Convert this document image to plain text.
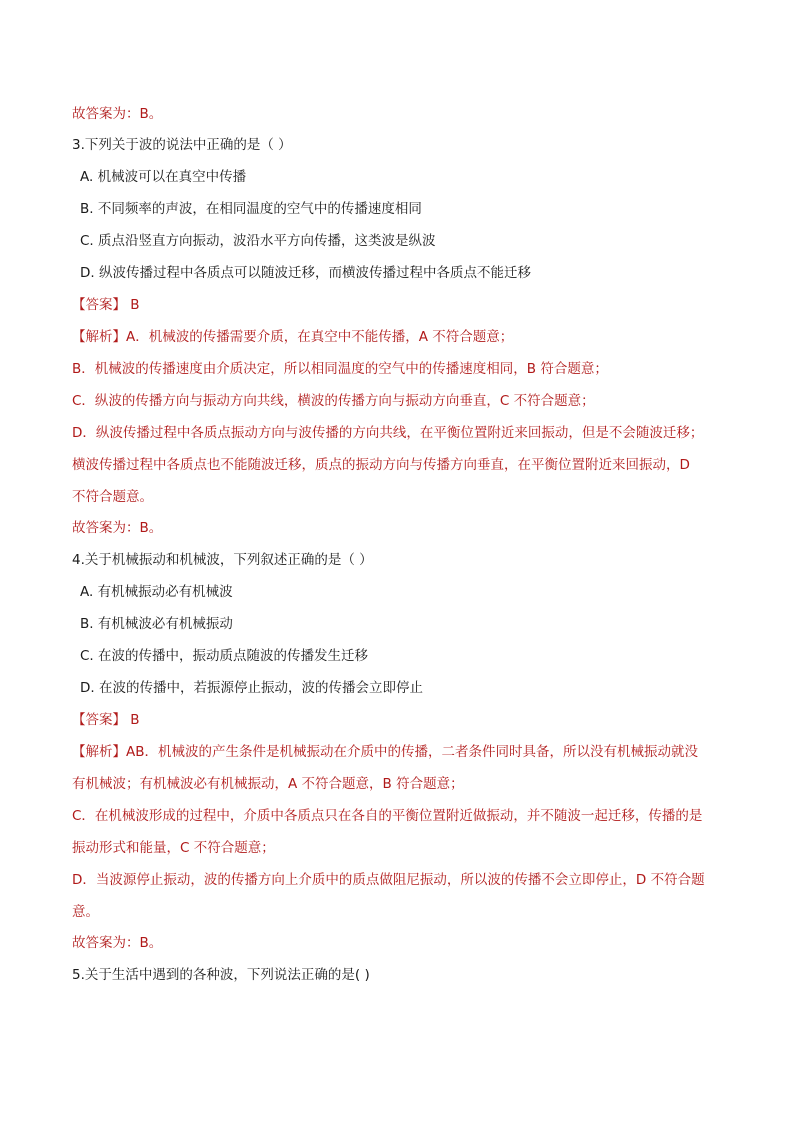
故答案为：B。
3.下列关于波的说法中正确的是（ ）
A. 机械波可以在真空中传播
B. 不同频率的声波，在相同温度的空气中的传播速度相同
C. 质点沿竖直方向振动，波沿水平方向传播，这类波是纵波
D. 纵波传播过程中各质点可以随波迁移，而横波传播过程中各质点不能迁移
【答案】 B
【解析】A．机械波的传播需要介质，在真空中不能传播，A 不符合题意；
B．机械波的传播速度由介质决定，所以相同温度的空气中的传播速度相同，B 符合题意；
C．纵波的传播方向与振动方向共线，横波的传播方向与振动方向垂直，C 不符合题意；
D．纵波传播过程中各质点振动方向与波传播的方向共线，在平衡位置附近来回振动，但是不会随波迁移；
横波传播过程中各质点也不能随波迁移，质点的振动方向与传播方向垂直，在平衡位置附近来回振动，D
不符合题意。
故答案为：B。
4.关于机械振动和机械波，下列叙述正确的是（ ）
A. 有机械振动必有机械波
B. 有机械波必有机械振动
C. 在波的传播中，振动质点随波的传播发生迁移
D. 在波的传播中，若振源停止振动，波的传播会立即停止
【答案】 B
【解析】AB．机械波的产生条件是机械振动在介质中的传播，二者条件同时具备，所以没有机械振动就没
有机械波；有机械波必有机械振动，A 不符合题意，B 符合题意；
C．在机械波形成的过程中，介质中各质点只在各自的平衡位置附近做振动，并不随波一起迁移，传播的是
振动形式和能量，C 不符合题意；
D．当波源停止振动，波的传播方向上介质中的质点做阻尼振动，所以波的传播不会立即停止，D 不符合题
意。
故答案为：B。
5.关于生活中遇到的各种波，下列说法正确的是( )
